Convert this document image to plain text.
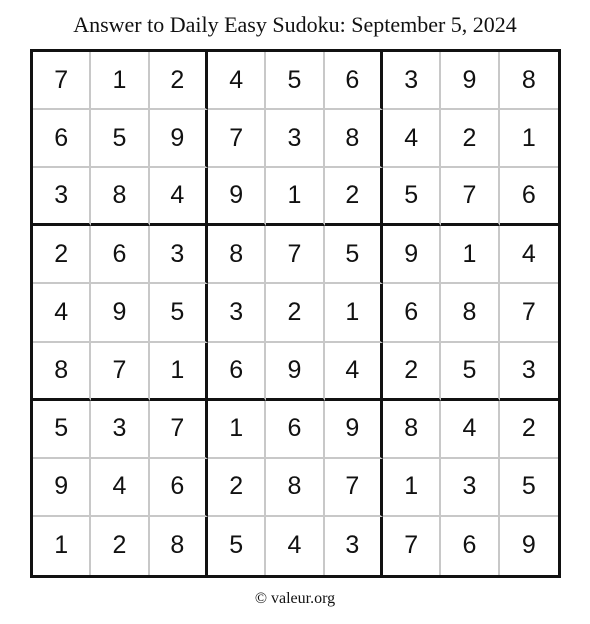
Answer to Daily Easy Sudoku: September 5, 2024
7	1	2	4	5	6	3	9	8
6	5	9	7	3	8	4	2	1
3	8	4	9	1	2	5	7	6
2	6	3	8	7	5	9	1	4
4	9	5	3	2	1	6	8	7
8	7	1	6	9	4	2	5	3
5	3	7	1	6	9	8	4	2
9	4	6	2	8	7	1	3	5
1	2	8	5	4	3	7	6	9
© valeur.org
